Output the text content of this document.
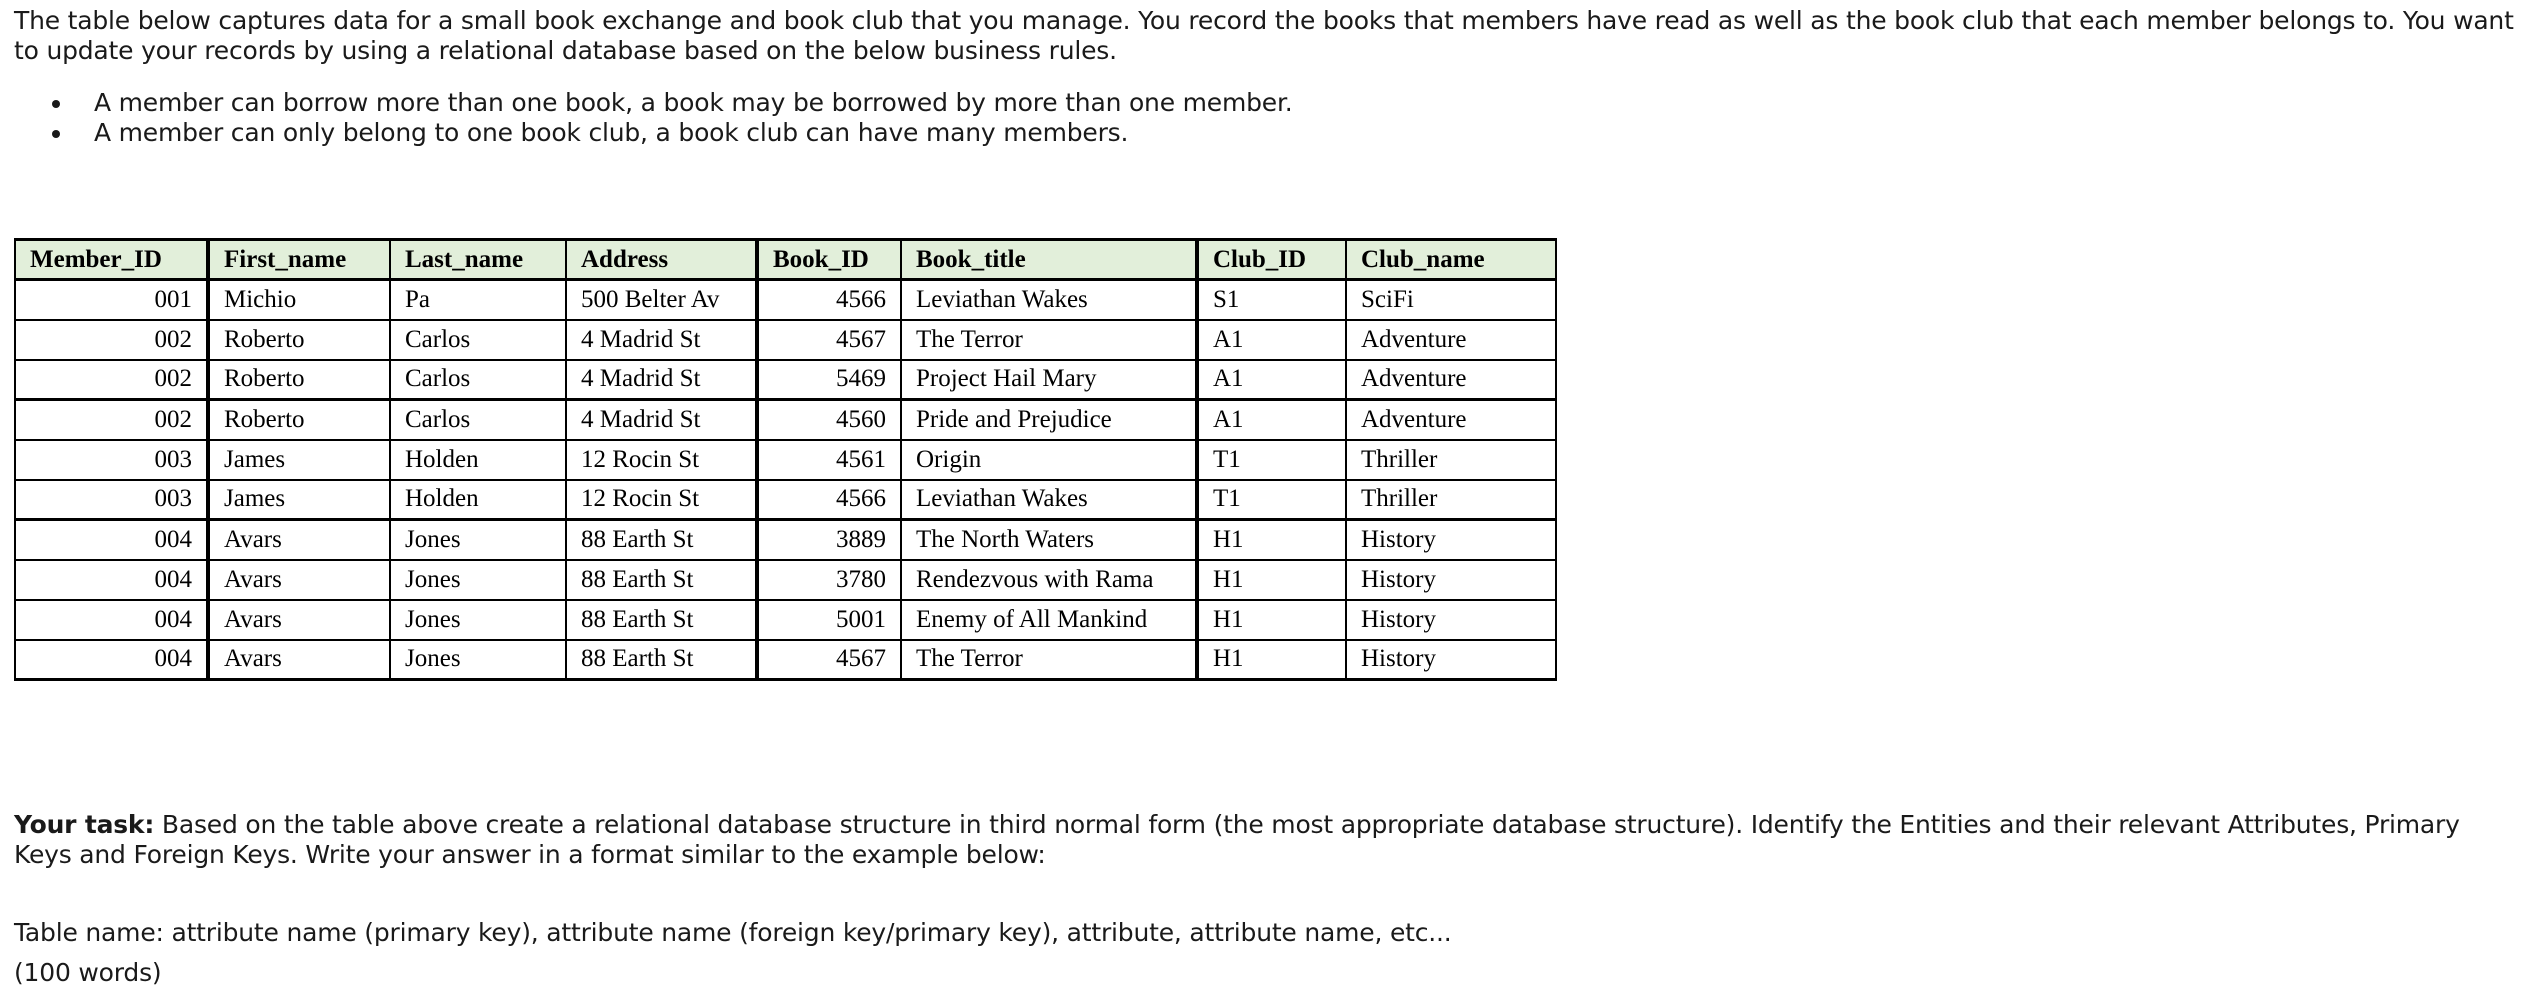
The table below captures data for a small book exchange and book club that you manage. You record the books that members have read as well as the book club that each member belongs to. You want to update your records by using a relational database based on the below business rules.

• A member can borrow more than one book, a book may be borrowed by more than one member.
• A member can only belong to one book club, a book club can have many members.
Member_ID	First_name	Last_name	Address	Book_ID	Book_title	Club_ID	Club_name
001	Michio	Pa	500 Belter Av	4566	Leviathan Wakes	S1	SciFi
002	Roberto	Carlos	4 Madrid St	4567	The Terror	A1	Adventure
002	Roberto	Carlos	4 Madrid St	5469	Project Hail Mary	A1	Adventure
002	Roberto	Carlos	4 Madrid St	4560	Pride and Prejudice	A1	Adventure
003	James	Holden	12 Rocin St	4561	Origin	T1	Thriller
003	James	Holden	12 Rocin St	4566	Leviathan Wakes	T1	Thriller
004	Avars	Jones	88 Earth St	3889	The North Waters	H1	History
004	Avars	Jones	88 Earth St	3780	Rendezvous with Rama	H1	History
004	Avars	Jones	88 Earth St	5001	Enemy of All Mankind	H1	History
004	Avars	Jones	88 Earth St	4567	The Terror	H1	History

Your task: Based on the table above create a relational database structure in third normal form (the most appropriate database structure). Identify the Entities and their relevant Attributes, Primary Keys and Foreign Keys. Write your answer in a format similar to the example below:

Table name: attribute name (primary key), attribute name (foreign key/primary key), attribute, attribute name, etc...

(100 words)
